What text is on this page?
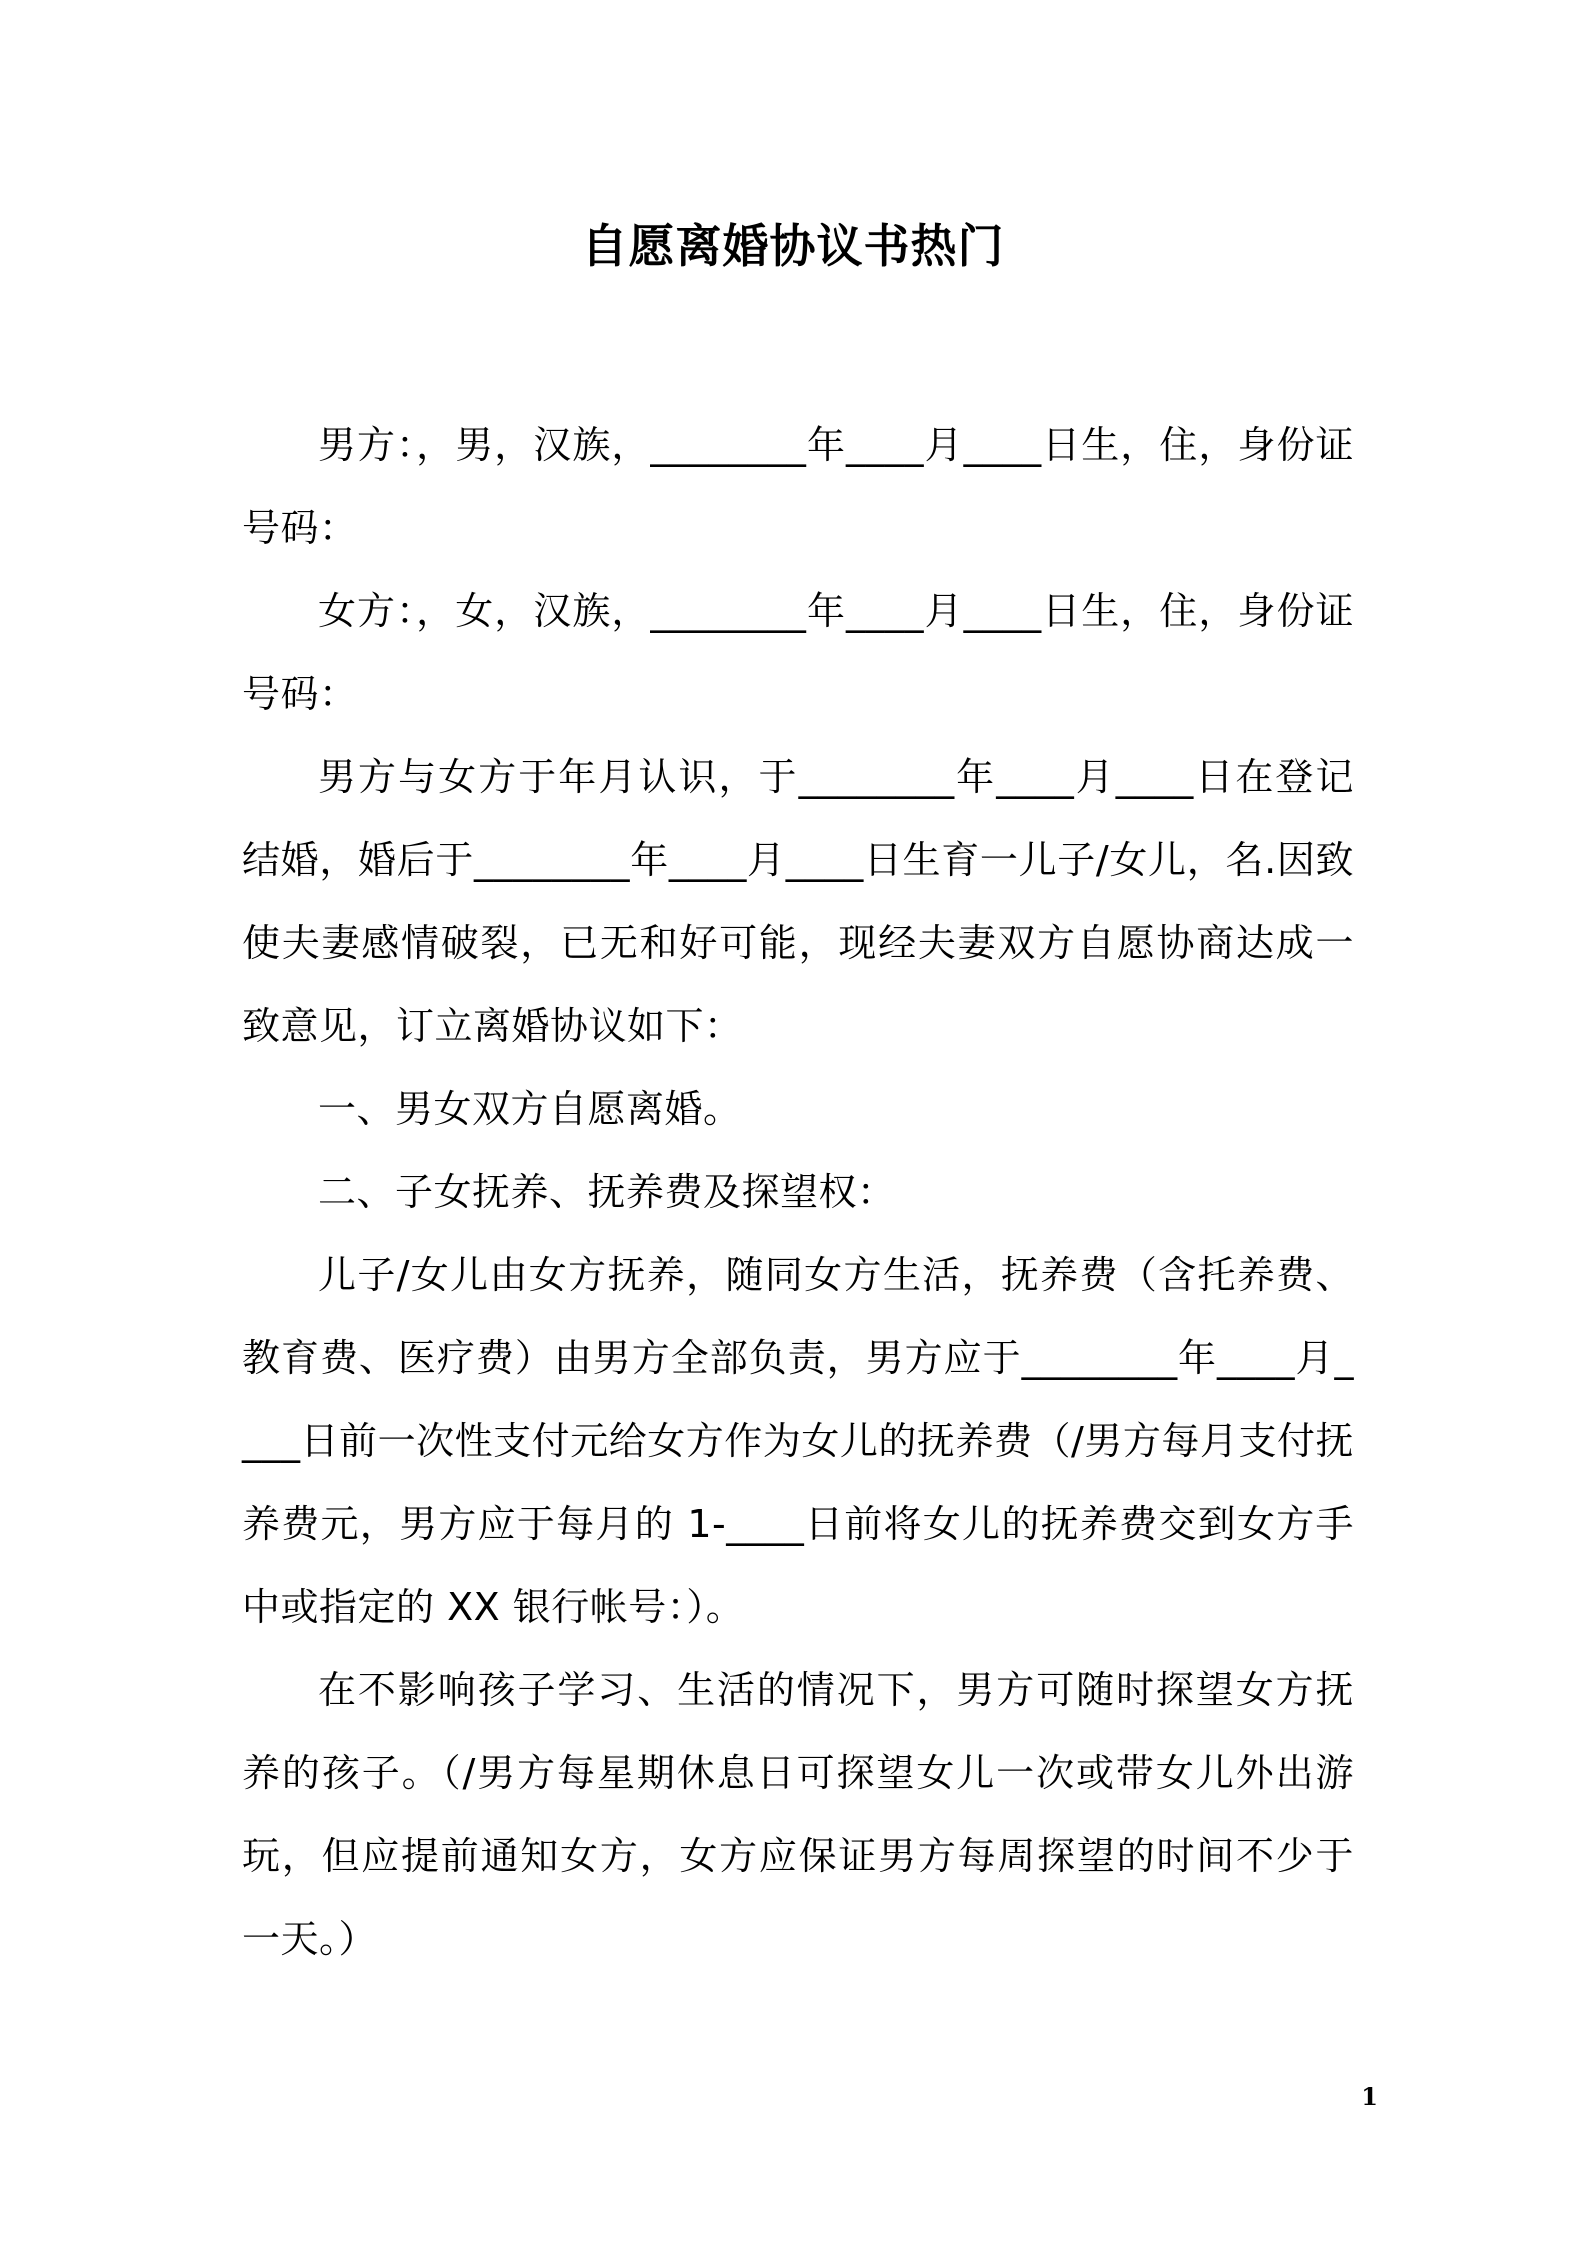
自愿离婚协议书热门

男方：，男，汉族，________年____月____日生，住，身份证号码：

女方：，女，汉族，________年____月____日生，住，身份证号码：

男方与女方于年月认识，于________年____月____日在登记结婚，婚后于________年____月____日生育一儿子/女儿，名.因致使夫妻感情破裂，已无和好可能，现经夫妻双方自愿协商达成一致意见，订立离婚协议如下：

一、男女双方自愿离婚。

二、子女抚养、抚养费及探望权：

儿子/女儿由女方抚养，随同女方生活，抚养费（含托养费、教育费、医疗费）由男方全部负责，男方应于________年____月____日前一次性支付元给女方作为女儿的抚养费（/男方每月支付抚养费元，男方应于每月的 1-____日前将女儿的抚养费交到女方手中或指定的 XX 银行帐号：）。

在不影响孩子学习、生活的情况下，男方可随时探望女方抚养的孩子。（/男方每星期休息日可探望女儿一次或带女儿外出游玩，但应提前通知女方，女方应保证男方每周探望的时间不少于一天。）

1
